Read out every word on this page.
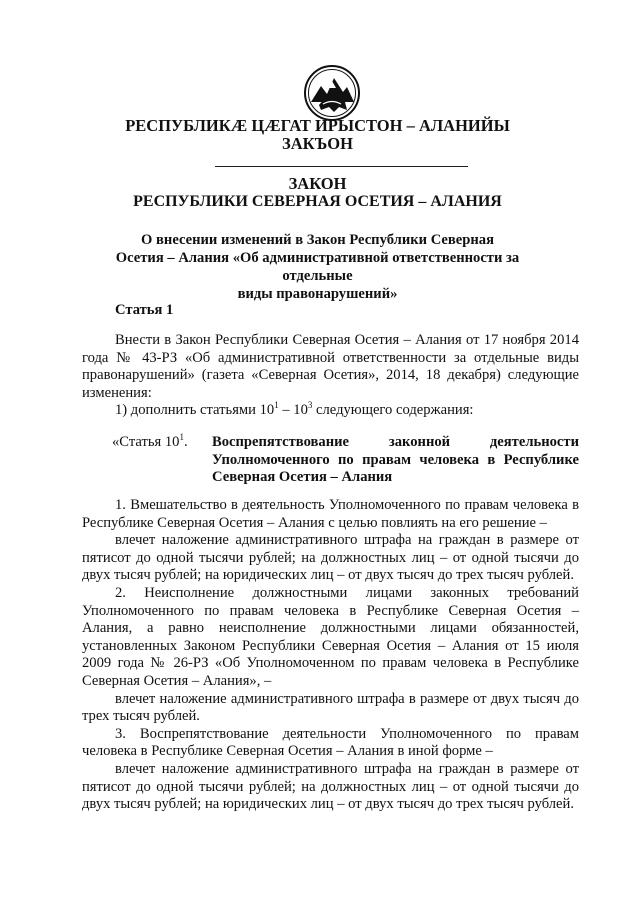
РЕСПУБЛИКӔ ЦӔГАТ ИРЫСТОН – АЛАНИЙЫ
ЗАКЪОН
ЗАКОН
РЕСПУБЛИКИ СЕВЕРНАЯ ОСЕТИЯ – АЛАНИЯ
О внесении изменений в Закон Республики Северная
Осетия – Алания «Об административной ответственности за отдельные
виды правонарушений»
Статья 1

Внести в Закон Республики Северная Осетия – Алания от 17 ноября 2014 года № 43-РЗ «Об административной ответственности за отдельные виды правонарушений» (газета «Северная Осетия», 2014, 18 декабря) следующие изменения:

1) дополнить статьями $10^1 - 10^3$ следующего содержания:

«Статья $10^1$. Воспрепятствование законной деятельности Уполномоченного по правам человека в Республике Северная Осетия – Алания

1. Вмешательство в деятельность Уполномоченного по правам человека в Республике Северная Осетия – Алания с целью повлиять на его решение –

влечет наложение административного штрафа на граждан в размере от пятисот до одной тысячи рублей; на должностных лиц – от одной тысячи до двух тысяч рублей; на юридических лиц – от двух тысяч до трех тысяч рублей.

2. Неисполнение должностными лицами законных требований Уполномоченного по правам человека в Республике Северная Осетия – Алания, а равно неисполнение должностными лицами обязанностей, установленных Законом Республики Северная Осетия – Алания от 15 июля 2009 года № 26-РЗ «Об Уполномоченном по правам человека в Республике Северная Осетия – Алания», –

влечет наложение административного штрафа в размере от двух тысяч до трех тысяч рублей.

3. Воспрепятствование деятельности Уполномоченного по правам человека в Республике Северная Осетия – Алания в иной форме –

влечет наложение административного штрафа на граждан в размере от пятисот до одной тысячи рублей; на должностных лиц – от одной тысячи до двух тысяч рублей; на юридических лиц – от двух тысяч до трех тысяч рублей.
